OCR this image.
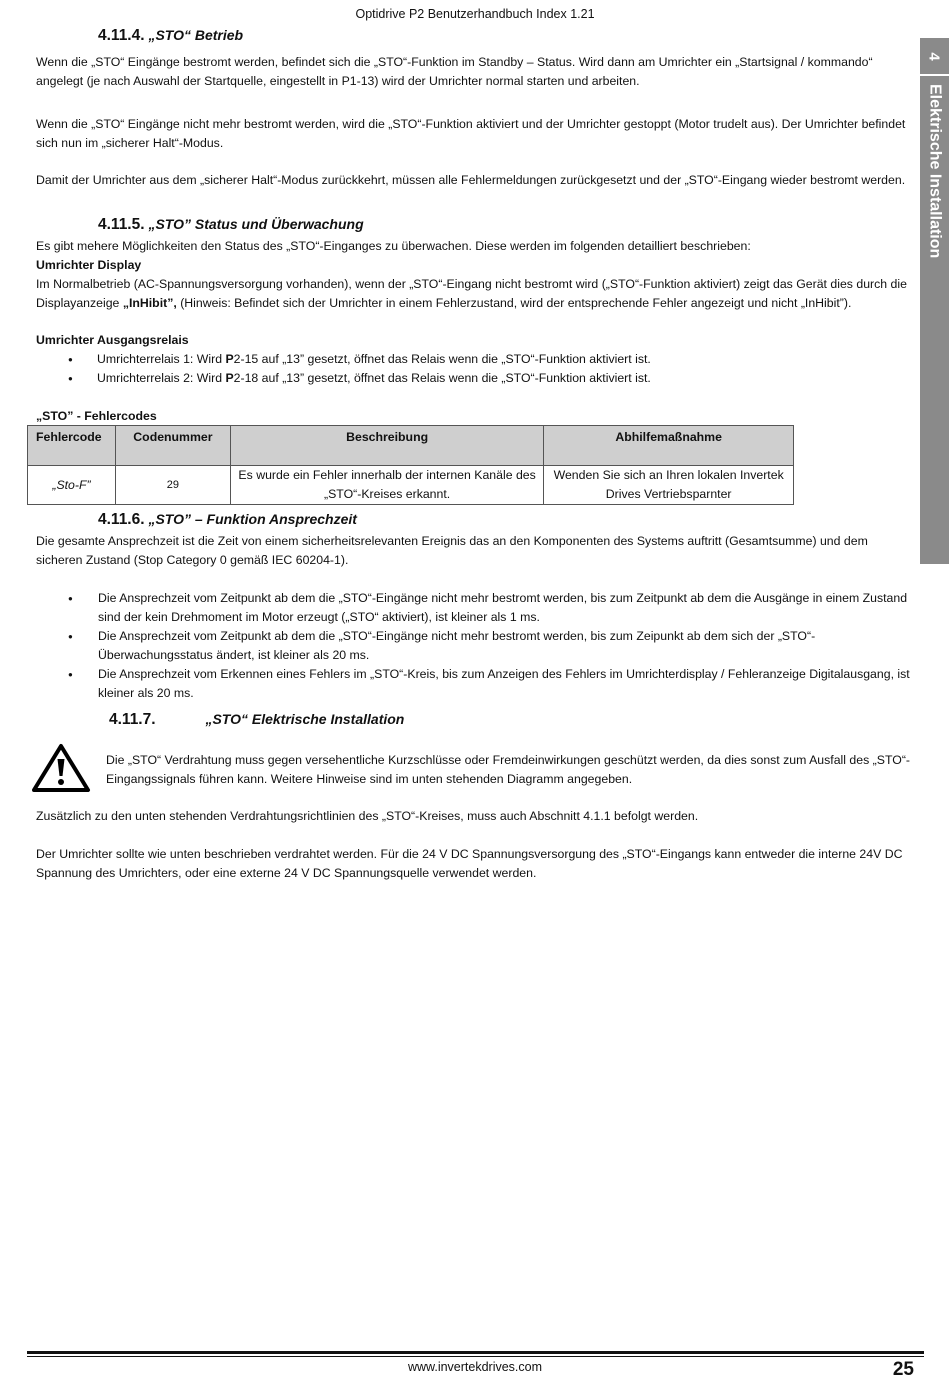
Optidrive P2 Benutzerhandbuch Index 1.21
4
Elektrische Installation
4.11.4. „STO“ Betrieb
Wenn die „STO“ Eingänge bestromt werden, befindet sich die „STO“-Funktion im Standby – Status. Wird dann am Umrichter ein „Startsignal / kommando“ angelegt (je nach Auswahl der Startquelle, eingestellt in P1-13) wird der Umrichter normal starten und arbeiten.
Wenn die „STO“ Eingänge nicht mehr bestromt werden, wird die „STO“-Funktion aktiviert und der Umrichter gestoppt (Motor trudelt aus). Der Umrichter befindet sich nun im „sicherer Halt“-Modus.
Damit der Umrichter aus dem „sicherer Halt“-Modus zurückkehrt, müssen alle Fehlermeldungen zurückgesetzt und der „STO“-Eingang wieder bestromt werden.
4.11.5. „STO” Status und Überwachung
Es gibt mehere Möglichkeiten den Status des „STO“-Einganges zu überwachen. Diese werden im folgenden detailliert beschrieben:
Umrichter Display
Im Normalbetrieb (AC-Spannungsversorgung vorhanden), wenn der „STO“-Eingang nicht bestromt wird („STO“-Funktion aktiviert) zeigt das Gerät dies durch die Displayanzeige „InHibit”, (Hinweis: Befindet sich der Umrichter in einem Fehlerzustand, wird der entsprechende Fehler angezeigt und nicht „InHibit”).
Umrichter Ausgangsrelais
● Umrichterrelais 1: Wird P2-15 auf „13” gesetzt, öffnet das Relais wenn die „STO“-Funktion aktiviert ist.
● Umrichterrelais 2: Wird P2-18 auf „13” gesetzt, öffnet das Relais wenn die „STO“-Funktion aktiviert ist.
„STO” - Fehlercodes
Fehlercode	Codenummer	Beschreibung	Abhilfemaßnahme
„Sto-F”	29	Es wurde ein Fehler innerhalb der internen Kanäle des „STO“-Kreises erkannt.	Wenden Sie sich an Ihren lokalen Invertek Drives Vertriebsparnter
4.11.6. „STO” – Funktion Ansprechzeit
Die gesamte Ansprechzeit ist die Zeit von einem sicherheitsrelevanten Ereignis das an den Komponenten des Systems auftritt (Gesamtsumme) und dem sicheren Zustand (Stop Category 0 gemäß IEC 60204-1).
● Die Ansprechzeit vom Zeitpunkt ab dem die „STO“-Eingänge nicht mehr bestromt werden, bis zum Zeitpunkt ab dem die Ausgänge in einem Zustand sind der kein Drehmoment im Motor erzeugt („STO“ aktiviert), ist kleiner als 1 ms.
● Die Ansprechzeit vom Zeitpunkt ab dem die „STO“-Eingänge nicht mehr bestromt werden, bis zum Zeipunkt ab dem sich der „STO“-Überwachungsstatus ändert, ist kleiner als 20 ms.
● Die Ansprechzeit vom Erkennen eines Fehlers im „STO“-Kreis, bis zum Anzeigen des Fehlers im Umrichterdisplay / Fehleranzeige Digitalausgang, ist kleiner als 20 ms.
4.11.7.	„STO“ Elektrische Installation
Die „STO“ Verdrahtung muss gegen versehentliche Kurzschlüsse oder Fremdeinwirkungen geschützt werden, da dies sonst zum Ausfall des „STO“-Eingangssignals führen kann. Weitere Hinweise sind im unten stehenden Diagramm angegeben.
Zusätzlich zu den unten stehenden Verdrahtungsrichtlinien des „STO“-Kreises, muss auch Abschnitt 4.1.1 befolgt werden.
Der Umrichter sollte wie unten beschrieben verdrahtet werden. Für die 24 V DC Spannungsversorgung des „STO“-Eingangs kann entweder die interne 24V DC Spannung des Umrichters, oder eine externe 24 V DC Spannungsquelle verwendet werden.
www.invertekdrives.com	25
